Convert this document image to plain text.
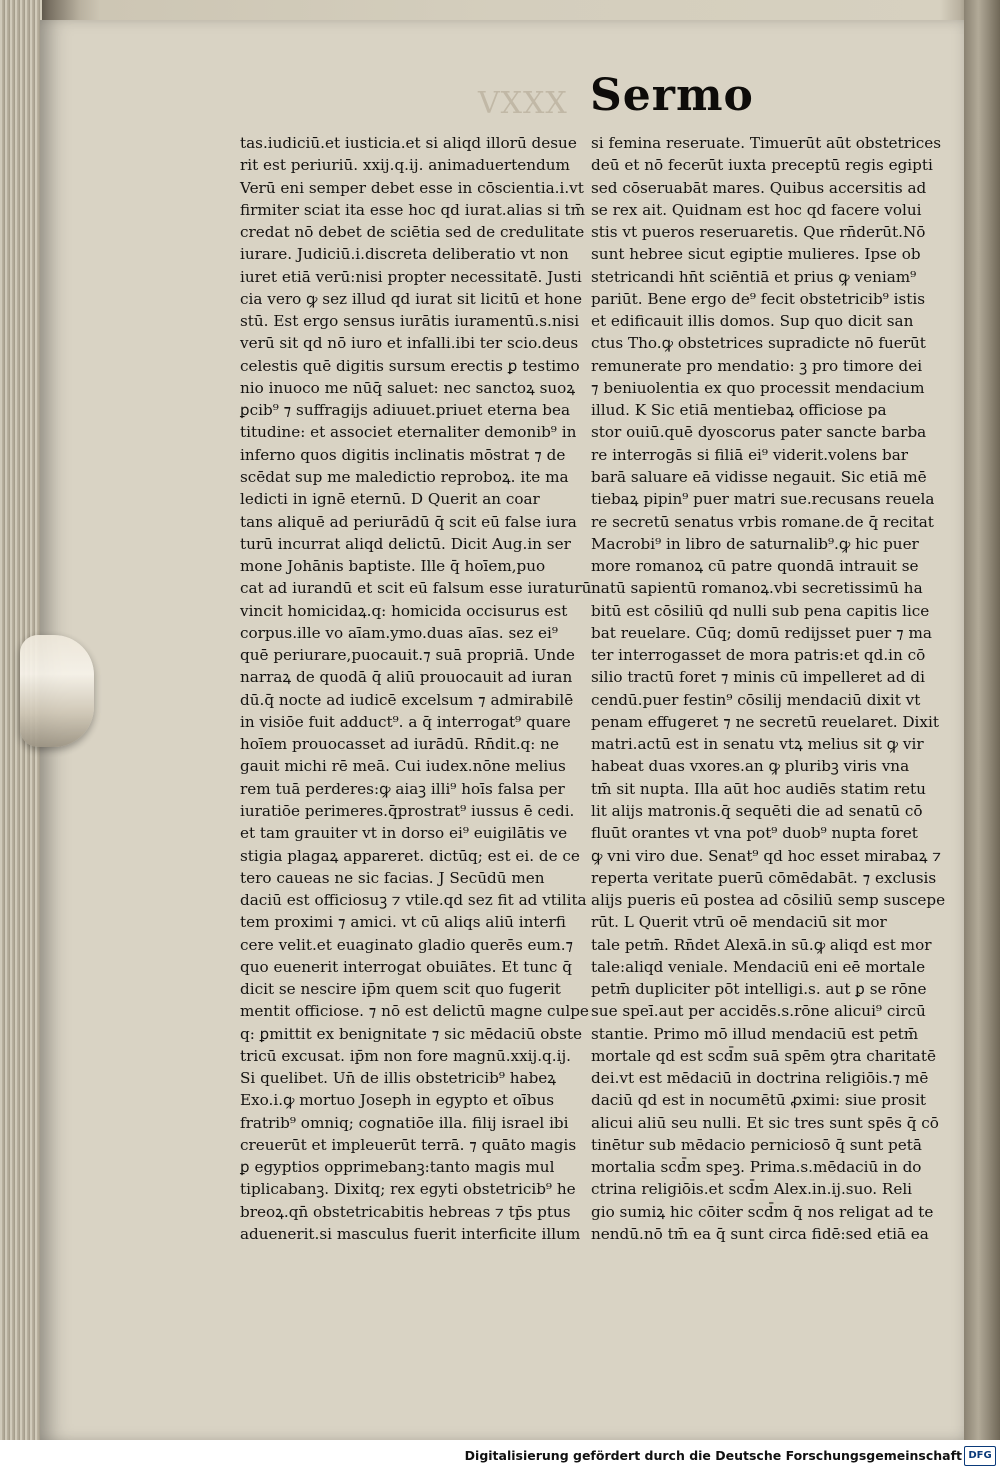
VXXX Sermo
tas.iudiciū.et iusticia.et si aliqd illorū desue
rit est periuriū. xxij.q.ij. animaduertendum
Verū eni semper debet esse in cōscientia.i.vt
firmiter sciat ita esse hoc qd iurat.alias si tm̄
credat nō debet de sciētia sed de credulitate
iurare. Judiciū.i.discreta deliberatio vt non
iuret etiā verū:nisi propter necessitatē. Justi
cia vero ꝙ sez illud qd iurat sit licitū et hone
stū. Est ergo sensus iurātis iuramentū.s.nisi
verū sit qd nō iuro et infalli.ibi ter scio.deus
celestis quē digitis sursum erectis ꝑ testimo
nio inuoco me nūq̄ saluet: nec sanctoꝝ suoꝝ
ꝑcib⁹ ⁊ suffragijs adiuuet.priuet eterna bea
titudine: et associet eternaliter demonib⁹ in
inferno quos digitis inclinatis mōstrat ⁊ de
scēdat sup me maledictio reproboꝝ. ite ma
ledicti in ignē eternū. D Querit an coar
tans aliquē ad periurādū q̄ scit eū false iura
turū incurrat aliqd delictū. Dicit Aug.in ser
mone Johānis baptiste. Ille q̄ hoīem,puo
cat ad iurandū et scit eū falsum esse iuraturū
vincit homicidaꝝ.q: homicida occisurus est
corpus.ille vo aīam.ymo.duas aīas. sez ei⁹
quē periurare,puocauit.⁊ suā propriā. Unde
narraꝝ de quodā q̄ aliū prouocauit ad iuran
dū.q̄ nocte ad iudicē excelsum ⁊ admirabilē
in visiōe fuit adduct⁹. a q̄ interrogat⁹ quare
hoīem prouocasset ad iurādū. Rn̄dit.q: ne
gauit michi rē meā. Cui iudex.nōne melius
rem tuā perderes:ꝙ aiaꝫ illi⁹ hoīs falsa per
iuratiōe perimeres.q̄prostrat⁹ iussus ē cedi.
et tam grauiter vt in dorso ei⁹ euigilātis ve
stigia plagaꝝ appareret. dictūq; est ei. de ce
tero caueas ne sic facias. J Secūdū men
daciū est officiosuꝫ ⁊ vtile.qd sez fit ad vtilita
tem proximi ⁊ amici. vt cū aliqs aliū interfi
cere velit.et euaginato gladio querēs eum.⁊
quo euenerit interrogat obuiātes. Et tunc q̄
dicit se nescire ip̄m quem scit quo fugerit
mentit officiose. ⁊ nō est delictū magne culpe
q: ꝑmittit ex benignitate ⁊ sic mēdaciū obste
tricū excusat. ip̄m non fore magnū.xxij.q.ij.
Si quelibet. Un̄ de illis obstetricib⁹ habeꝝ
Exo.i.ꝙ mortuo Joseph in egypto et oībus
fratrib⁹ omniq; cognatiōe illa. filij israel ibi
creuerūt et impleuerūt terrā. ⁊ quāto magis
ꝑ egyptios opprimebanꝫ:tanto magis mul
tiplicabanꝫ. Dixitq; rex egyti obstetricib⁹ he
breoꝝ.qn̄ obstetricabitis hebreas ⁊ tp̄s ptus
aduenerit.si masculus fuerit interficite illum
si femina reseruate. Timuerūt aūt obstetrices
deū et nō fecerūt iuxta preceptū regis egipti
sed cōseruabāt mares. Quibus accersitis ad
se rex ait. Quidnam est hoc qd facere volui
stis vt pueros reseruaretis. Que rn̄derūt.Nō
sunt hebree sicut egiptie mulieres. Ipse ob
stetricandi hn̄t sciēntiā et prius ꝙ veniam⁹
pariūt. Bene ergo de⁹ fecit obstetricib⁹ istis
et edificauit illis domos. Sup quo dicit san
ctus Tho.ꝙ obstetrices supradicte nō fuerūt
remunerate pro mendatio: ꝫ pro timore dei
⁊ beniuolentia ex quo processit mendacium
illud. K Sic etiā mentiebaꝝ officiose pa
stor ouiū.quē dyoscorus pater sancte barba
re interrogās si filiā ei⁹ viderit.volens bar
barā saluare eā vidisse negauit. Sic etiā mē
tiebaꝝ pipin⁹ puer matri sue.recusans reuela
re secretū senatus vrbis romane.de q̄ recitat
Macrobi⁹ in libro de saturnalib⁹.ꝙ hic puer
more romanoꝝ cū patre quondā intrauit se
natū sapientū romanoꝝ.vbi secretissimū ha
bitū est cōsiliū qd nulli sub pena capitis lice
bat reuelare. Cūq; domū redijsset puer ⁊ ma
ter interrogasset de mora patris:et qd.in cō
silio tractū foret ⁊ minis cū impelleret ad di
cendū.puer festin⁹ cōsilij mendaciū dixit vt
penam effugeret ⁊ ne secretū reuelaret. Dixit
matri.actū est in senatu vtꝝ melius sit ꝙ vir
habeat duas vxores.an ꝙ pluribꝫ viris vna
tm̄ sit nupta. Illa aūt hoc audiēs statim retu
lit alijs matronis.q̄ sequēti die ad senatū cō
fluūt orantes vt vna pot⁹ duob⁹ nupta foret
ꝙ vni viro due. Senat⁹ qd hoc esset mirabaꝝ ⁊
reperta veritate puerū cōmēdabāt. ⁊ exclusis
alijs pueris eū postea ad cōsiliū semp suscepe
rūt. L Querit vtrū oē mendaciū sit mor
tale petm̄. Rn̄det Alexā.in sū.ꝙ aliqd est mor
tale:aliqd veniale. Mendaciū eni eē mortale
petm̄ dupliciter pōt intelligi.s. aut ꝑ se rōne
sue speī.aut per accidēs.s.rōne alicui⁹ circū
stantie. Primo mō illud mendaciū est petm̄
mortale qd est scd̄m suā spēm ꝯtra charitatē
dei.vt est mēdaciū in doctrina religiōis.⁊ mē
daciū qd est in nocumētū ꝓximi: siue prosit
alicui aliū seu nulli. Et sic tres sunt spēs q̄ cō
tinētur sub mēdacio perniciosō q̄ sunt petā
mortalia scd̄m speꝫ. Prima.s.mēdaciū in do
ctrina religiōis.et scd̄m Alex.in.ij.suo. Reli
gio sumiꝝ hic cōiter scd̄m q̄ nos religat ad te
nendū.nō tm̄ ea q̄ sunt circa fidē:sed etiā ea
Digitalisierung gefördert durch die Deutsche Forschungsgemeinschaft DFG
